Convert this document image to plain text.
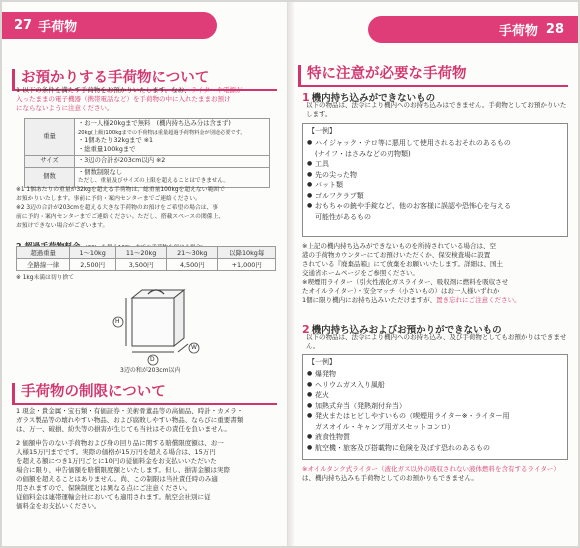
27 手荷物
お預かりする手荷物について
1 以下の条件を満たす手荷物をお預かりいたします。なお、ライターや電源が
入ったままの電子機器（携帯電話など）を手荷物の中に入れたままお預け
にならないように注意ください。
重量	・お一人様20kgまで無料　(機内持ち込み分は含まず)
20kg(上級)100kgまでの手荷物は重量超過手荷物料金が別途必要です。
・1個あたり32kgまで ※1
・総重量100kgまで

サイズ	・3辺の合計が203cm以内 ※2
個数	・個数制限なし
ただし、重量及びサイズの上限を超えることはできません。
※1 1個あたりの重量が32kgを超える手荷物は、総重量100kgを超えない範囲で
お預かりいたします。事前に予約・案内センターまでご連絡ください。
※2 3辺の合計が203cmを超える大きな手荷物のお預けをご希望の場合は、事
前に予約・案内センターまでご連絡ください。ただし、搭載スペースの関係上、
お預けできない場合がございます。
超過重量	1〜10kg	11〜20kg	21〜30kg	以降10kg毎
全路線一律	2,500円	3,500円	4,500円	+1,000円
※ 1kg未満は切り捨て
H
D
W
3辺の和が203cm以内
手荷物の制限について
1 現金・貴金属・宝石類・有価証券・美術骨董品等の高価品、時計・カメラ・
ガラス製品等の壊れやすい物品、および腐敗しやすい物品、ならびに重要書類
は、万一、破損、紛失等の損害が生じても当社はその責任を負いません。
2 価額申告のない手荷物および身の回り品に関する賠償限度額は、お一
人様15万円までです。実際の価格が15万円を超える場合は、15万円
を超える額につき1万円ごとに10円の従価料金をお支払いいただいた
場合に限り、申告価額を賠償限度額といたします。但し、損害金額は実際
の価額を超えることはありません。尚、この制限は当社責任時のみ適
用されますので、保険制度とは異なる点にご注意ください。
従価料金は連帯運輸会社においても適用されます。航空会社別に従
価料金をお支払いください。
手荷物 28
特に注意が必要な手荷物
1 機内持ち込みができないもの
以下の物品は、法令により機内へのお持ち込みはできません。手荷物としてお預かりいたします。
【一例】
● ハイジャック・テロ等に悪用して使用されるおそれのあるもの
(ナイフ・はさみなどの刃物類)
● 工具
● 先の尖った物
● バット類
● ゴルフクラブ類
● おもちゃの銃や手錠など、他のお客様に誤認や恐怖心を与える
可能性があるもの
※上記の機内持ち込みができないものを所持されている場合は、空
港の手荷物カウンターにてお預けいただくか、保安検査場に設置
されている『廃棄品箱』にて放棄をお願いいたします。詳細は、国土
交通省ホームページをご参照ください。
※喫煙用ライター（引火性液化ガスライター、吸収剤に燃料を吸収させ
たオイルライター）・安全マッチ（小さいもの）はお一人様いずれか
1個に限り機内にお持ち込みいただけますが、置き忘れにご注意ください。
2 機内持ち込みおよびお預かりができないもの
以下の物品は、法令により機内へのお持ち込み、及び手荷物としてもお預かりはできません。
【一例】
● 爆発物
● ヘリウムガス入り風船
● 花火
● 加熱式弁当（発熱剤付弁当）
● 発火またはヒビしやすいもの（喫煙用ライター※・ライター用
ガスオイル・キャンプ用ガスセットコンロ）
● 液食性物質
● 航空機・旅客及び搭載物に危険を及ぼす恐れのあるもの
※オイルタンク式ライター（液化ガス以外の吸収されない液体燃料を含有するライター）は、機内持ち込みも手荷物としてのお預かりもできません。
